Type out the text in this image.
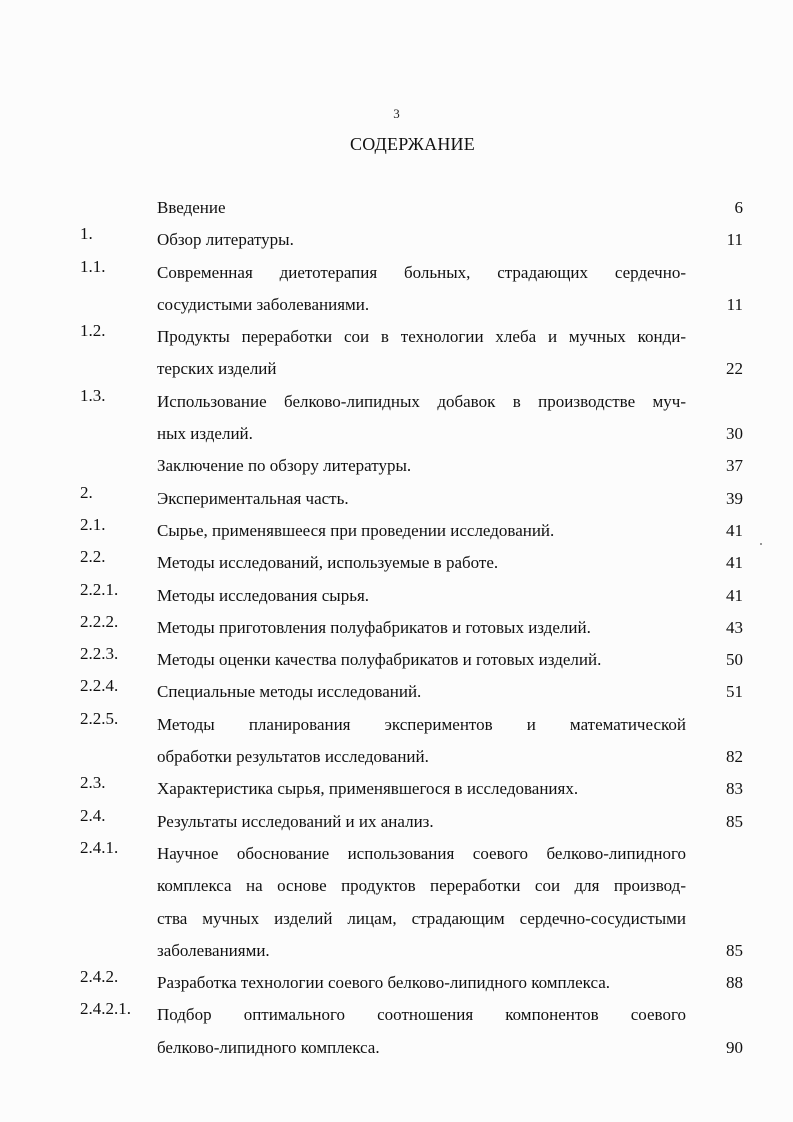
3
СОДЕРЖАНИЕ
Введение	6
1.	Обзор литературы.	11
1.1.	Современная диетотерапия больных, страдающих сердечно-
сосудистыми заболеваниями.	11
1.2.	Продукты переработки сои в технологии хлеба и мучных конди-
терских изделий	22
1.3.	Использование белково-липидных добавок в производстве муч-
ных изделий.	30
Заключение по обзору литературы.	37
2.	Экспериментальная часть.	39
2.1.	Сырье, применявшееся при проведении исследований.	41
2.2.	Методы исследований, используемые в работе.	41
2.2.1. Методы исследования сырья.	41
2.2.2. Методы приготовления полуфабрикатов и готовых изделий.	43
2.2.3. Методы оценки качества полуфабрикатов и готовых изделий.	50
2.2.4. Специальные методы исследований.	51
2.2.5. Методы планирования экспериментов и математической
обработки результатов исследований.	82
2.3.	Характеристика сырья, применявшегося в исследованиях.	83
2.4.	Результаты исследований и их анализ.	85
2.4.1. Научное обоснование использования соевого белково-липидного
комплекса на основе продуктов переработки сои для производ-
ства мучных изделий лицам, страдающим сердечно-сосудистыми
заболеваниями.	85
2.4.2. Разработка технологии соевого белково-липидного комплекса.	88
2.4.2.1. Подбор оптимального соотношения компонентов соевого
белково-липидного комплекса.	90
